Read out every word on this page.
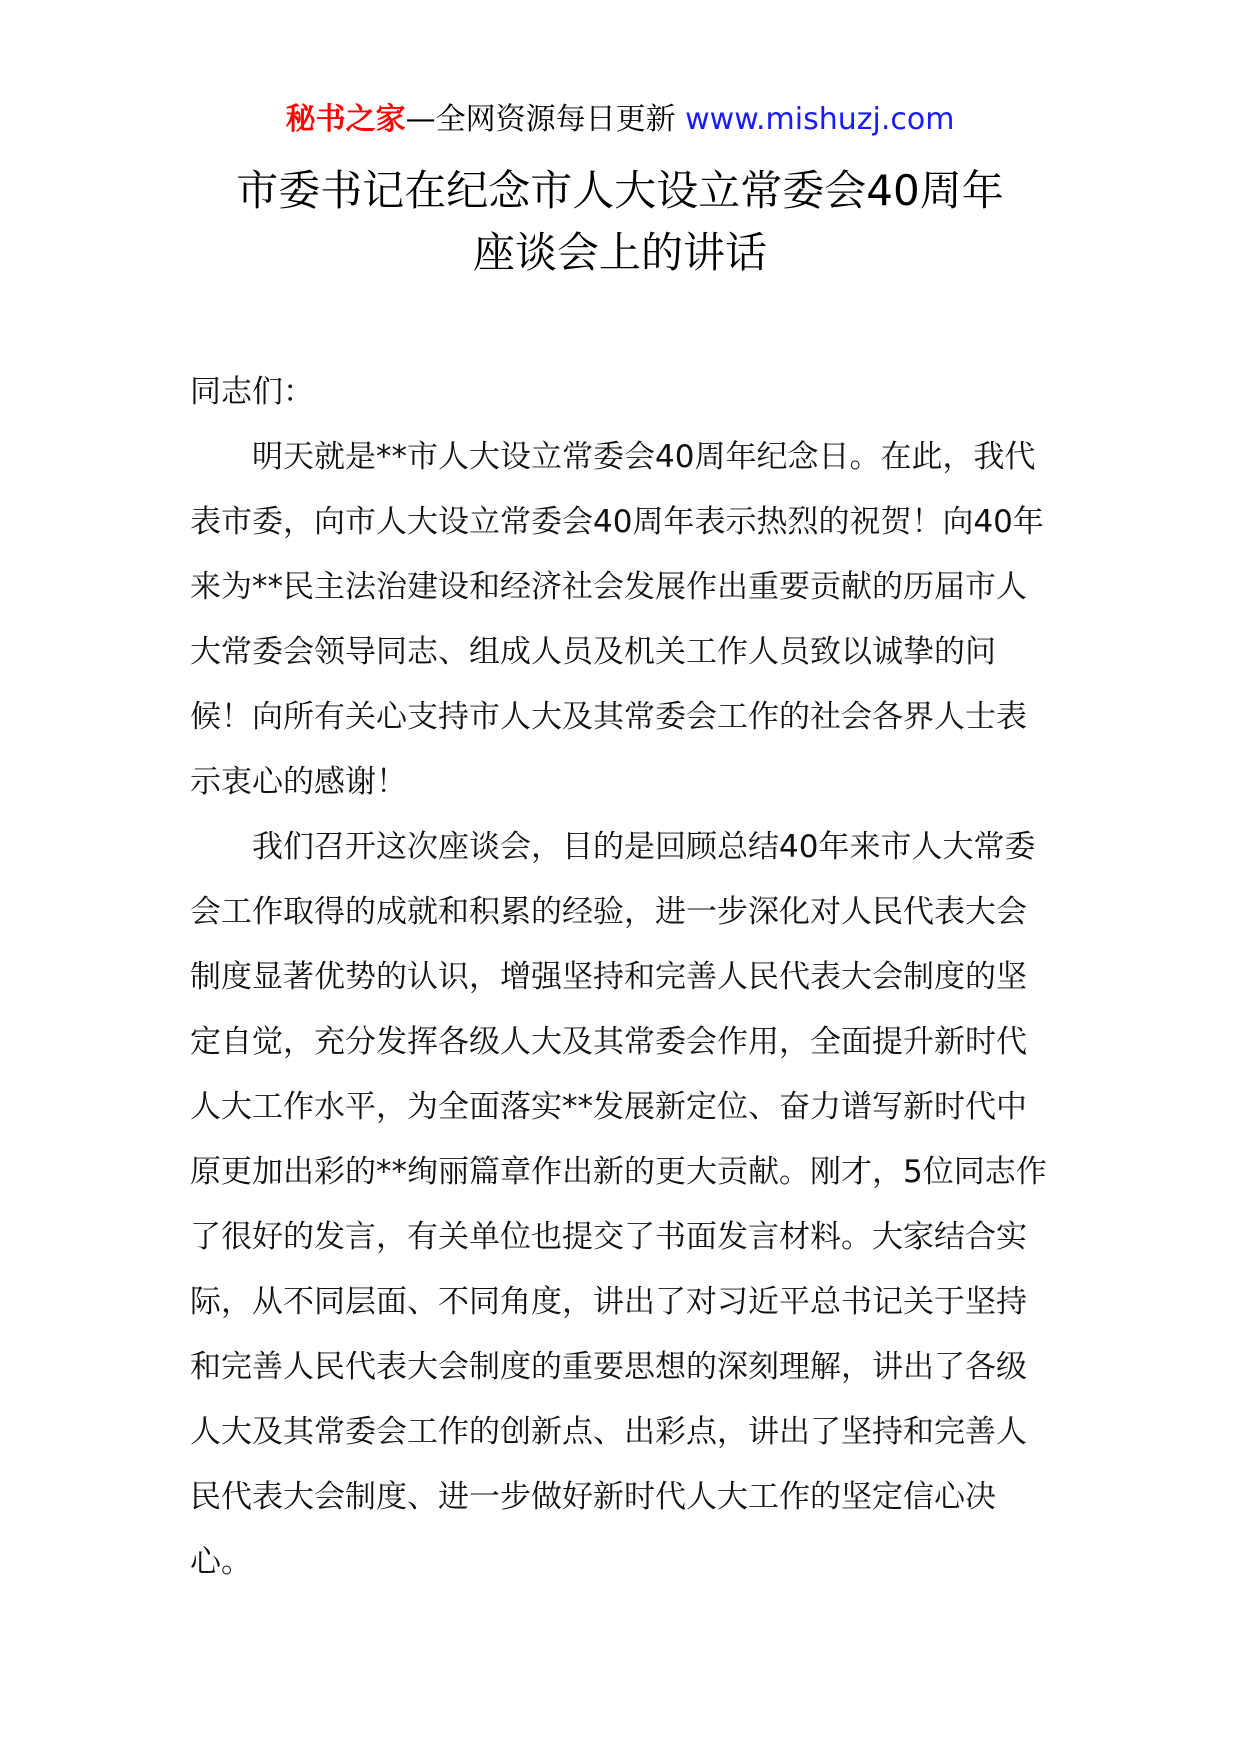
秘书之家—全网资源每日更新 www.mishuzj.com
市委书记在纪念市人大设立常委会40周年
座谈会上的讲话

同志们：

明天就是**市人大设立常委会40周年纪念日。在此，我代表市委，向市人大设立常委会40周年表示热烈的祝贺！向40年来为**民主法治建设和经济社会发展作出重要贡献的历届市人大常委会领导同志、组成人员及机关工作人员致以诚挚的问候！向所有关心支持市人大及其常委会工作的社会各界人士表示衷心的感谢！

我们召开这次座谈会，目的是回顾总结40年来市人大常委会工作取得的成就和积累的经验，进一步深化对人民代表大会制度显著优势的认识，增强坚持和完善人民代表大会制度的坚定自觉，充分发挥各级人大及其常委会作用，全面提升新时代人大工作水平，为全面落实**发展新定位、奋力谱写新时代中原更加出彩的**绚丽篇章作出新的更大贡献。刚才，5位同志作了很好的发言，有关单位也提交了书面发言材料。大家结合实际，从不同层面、不同角度，讲出了对习近平总书记关于坚持和完善人民代表大会制度的重要思想的深刻理解，讲出了各级人大及其常委会工作的创新点、出彩点，讲出了坚持和完善人民代表大会制度、进一步做好新时代人大工作的坚定信心决心。
